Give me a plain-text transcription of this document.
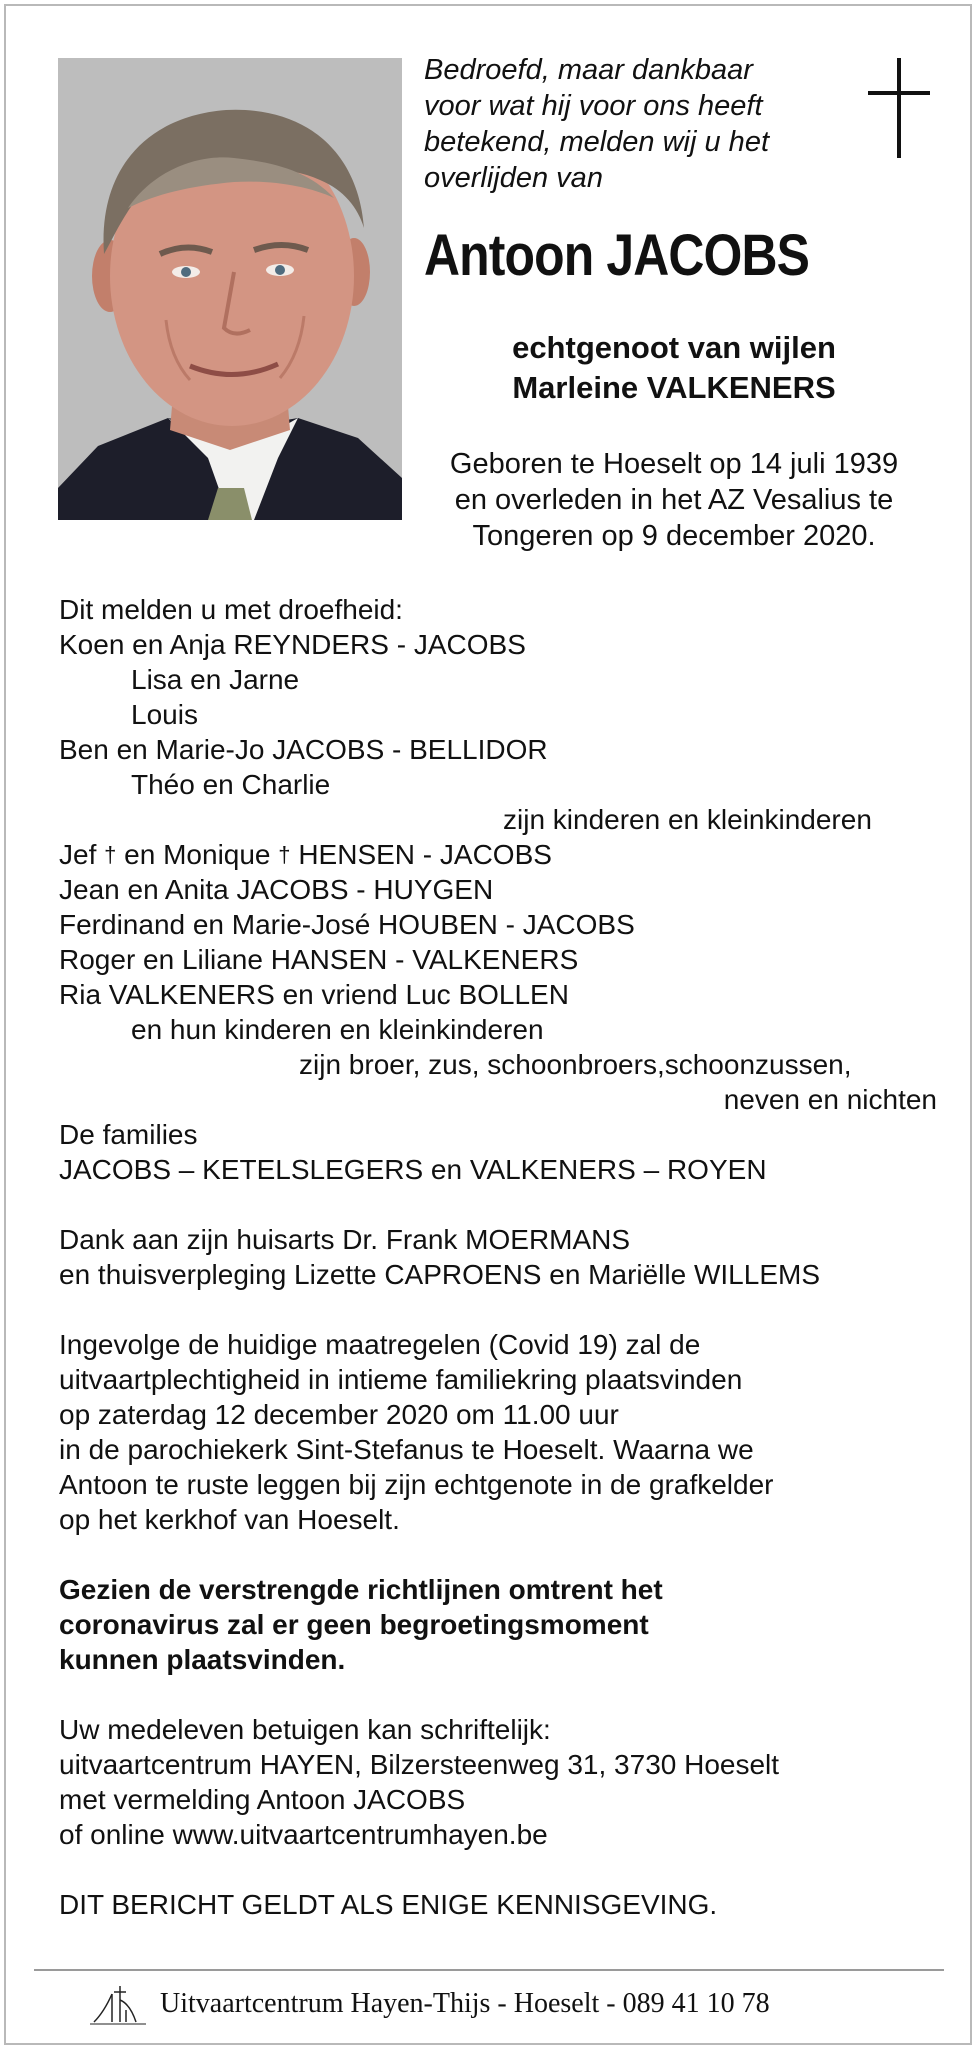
Bedroefd, maar dankbaar
voor wat hij voor ons heeft
betekend, melden wij u het
overlijden van
Antoon JACOBS
echtgenoot van wijlen
Marleine VALKENERS
Geboren te Hoeselt op 14 juli 1939
en overleden in het AZ Vesalius te
Tongeren op 9 december 2020.
Dit melden u met droefheid:
Koen en Anja REYNDERS - JACOBS
Lisa en Jarne
Louis
Ben en Marie-Jo JACOBS - BELLIDOR
Théo en Charlie
zijn kinderen en kleinkinderen
Jef † en Monique † HENSEN - JACOBS
Jean en Anita JACOBS - HUYGEN
Ferdinand en Marie-José HOUBEN - JACOBS
Roger en Liliane HANSEN - VALKENERS
Ria VALKENERS en vriend Luc BOLLEN
en hun kinderen en kleinkinderen
zijn broer, zus, schoonbroers,schoonzussen,
neven en nichten
De families
JACOBS – KETELSLEGERS en VALKENERS – ROYEN
Dank aan zijn huisarts Dr. Frank MOERMANS
en thuisverpleging Lizette CAPROENS en Mariëlle WILLEMS
Ingevolge de huidige maatregelen (Covid 19) zal de
uitvaartplechtigheid in intieme familiekring plaatsvinden
op zaterdag 12 december 2020 om 11.00 uur
in de parochiekerk Sint-Stefanus te Hoeselt. Waarna we
Antoon te ruste leggen bij zijn echtgenote in de grafkelder
op het kerkhof van Hoeselt.
Gezien de verstrengde richtlijnen omtrent het
coronavirus zal er geen begroetingsmoment
kunnen plaatsvinden.
Uw medeleven betuigen kan schriftelijk:
uitvaartcentrum HAYEN, Bilzersteenweg 31, 3730 Hoeselt
met vermelding Antoon JACOBS
of online www.uitvaartcentrumhayen.be
DIT BERICHT GELDT ALS ENIGE KENNISGEVING.
Uitvaartcentrum Hayen-Thijs - Hoeselt - 089 41 10 78
